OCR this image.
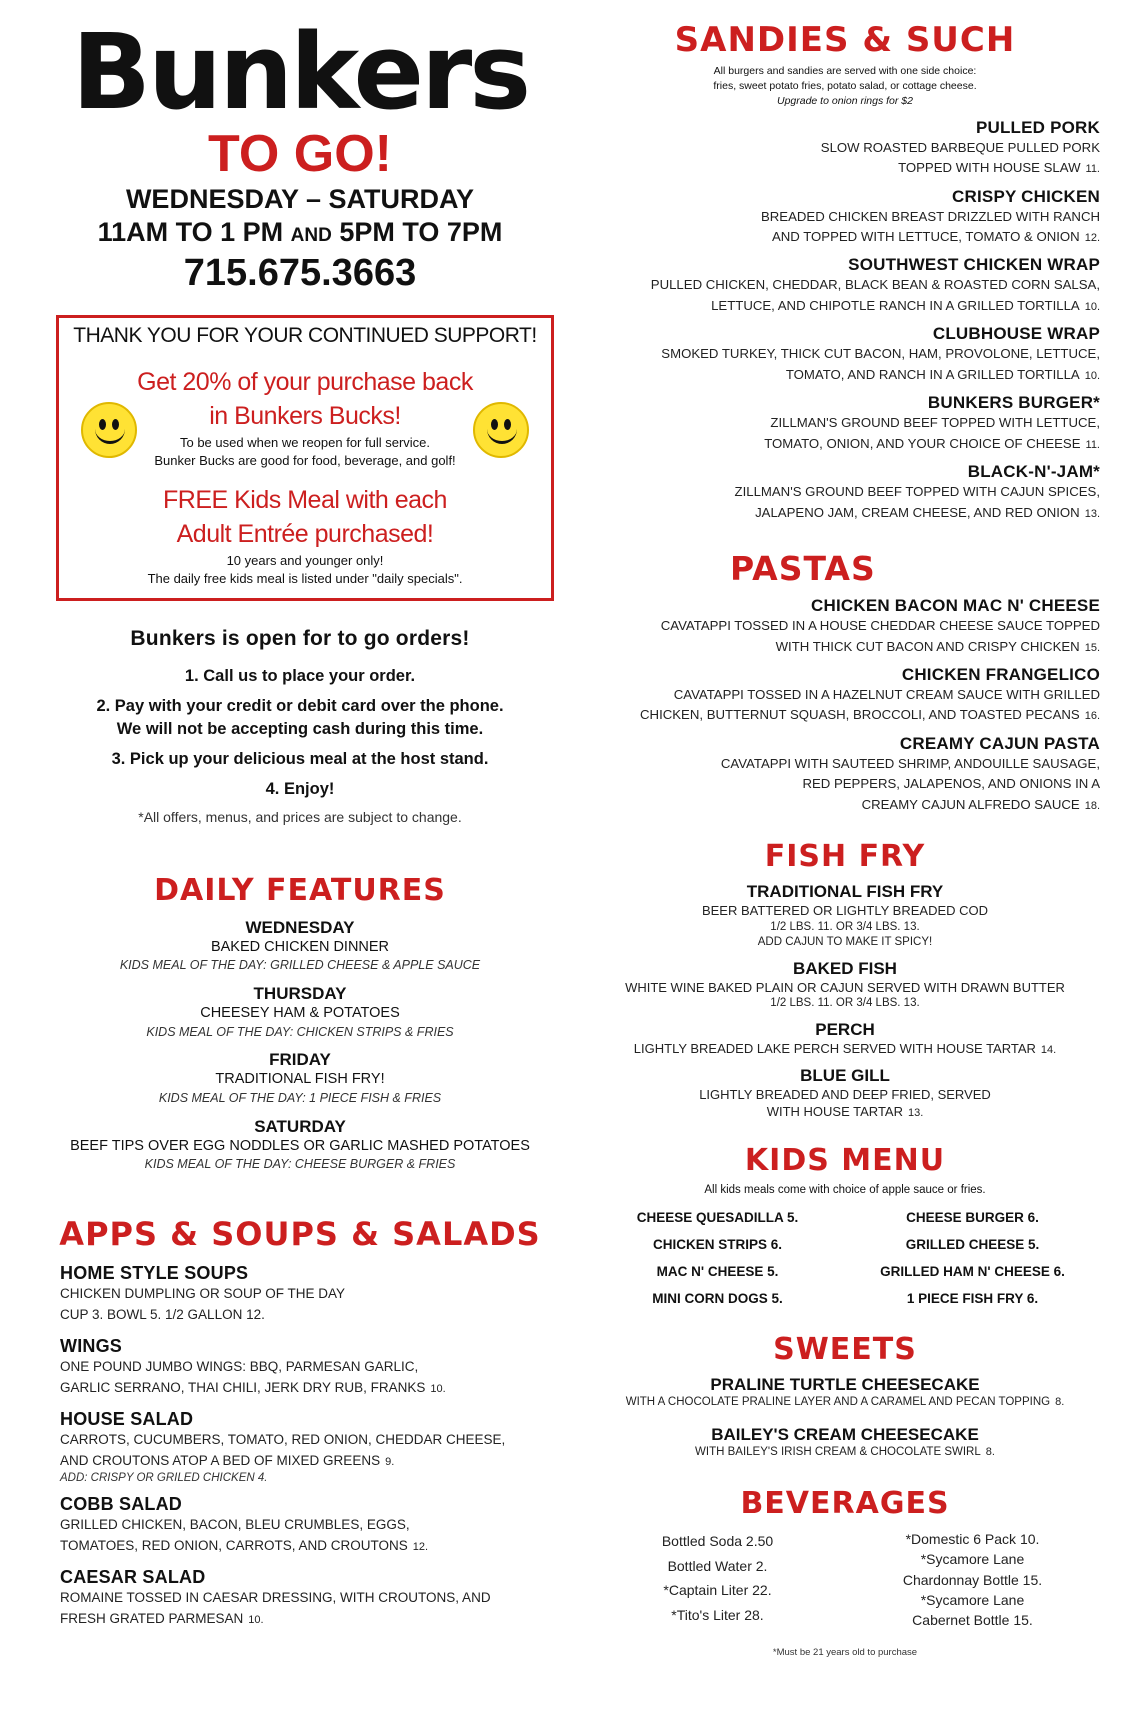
Bunkers
TO GO!
WEDNESDAY – SATURDAY
11AM TO 1 PM AND 5PM TO 7PM
715.675.3663
THANK YOU FOR YOUR CONTINUED SUPPORT!
Get 20% of your purchase back
in Bunkers Bucks!
To be used when we reopen for full service.
Bunker Bucks are good for food, beverage, and golf!
FREE Kids Meal with each
Adult Entrée purchased!
10 years and younger only!
The daily free kids meal is listed under "daily specials".
Bunkers is open for to go orders!
1. Call us to place your order.
2. Pay with your credit or debit card over the phone.
We will not be accepting cash during this time.
3. Pick up your delicious meal at the host stand.
4. Enjoy!
*All offers, menus, and prices are subject to change.
DAILY FEATURES
WEDNESDAY
BAKED CHICKEN DINNER
KIDS MEAL OF THE DAY: GRILLED CHEESE & APPLE SAUCE
THURSDAY
CHEESEY HAM & POTATOES
KIDS MEAL OF THE DAY: CHICKEN STRIPS & FRIES
FRIDAY
TRADITIONAL FISH FRY!
KIDS MEAL OF THE DAY: 1 PIECE FISH & FRIES
SATURDAY
BEEF TIPS OVER EGG NODDLES OR GARLIC MASHED POTATOES
KIDS MEAL OF THE DAY: CHEESE BURGER & FRIES
APPS & SOUPS & SALADS
HOME STYLE SOUPS
CHICKEN DUMPLING OR SOUP OF THE DAY
CUP 3. BOWL 5. 1/2 GALLON 12.
WINGS
ONE POUND JUMBO WINGS: BBQ, PARMESAN GARLIC,
GARLIC SERRANO, THAI CHILI, JERK DRY RUB, FRANKS 10.
HOUSE SALAD
CARROTS, CUCUMBERS, TOMATO, RED ONION, CHEDDAR CHEESE,
AND CROUTONS ATOP A BED OF MIXED GREENS 9.
ADD: CRISPY OR GRILED CHICKEN 4.
COBB SALAD
GRILLED CHICKEN, BACON, BLEU CRUMBLES, EGGS,
TOMATOES, RED ONION, CARROTS, AND CROUTONS 12.
CAESAR SALAD
ROMAINE TOSSED IN CAESAR DRESSING, WITH CROUTONS, AND
FRESH GRATED PARMESAN 10.
SANDIES & SUCH
All burgers and sandies are served with one side choice:
fries, sweet potato fries, potato salad, or cottage cheese.
Upgrade to onion rings for $2
PULLED PORK
SLOW ROASTED BARBEQUE PULLED PORK
TOPPED WITH HOUSE SLAW 11.
CRISPY CHICKEN
BREADED CHICKEN BREAST DRIZZLED WITH RANCH
AND TOPPED WITH LETTUCE, TOMATO & ONION 12.
SOUTHWEST CHICKEN WRAP
PULLED CHICKEN, CHEDDAR, BLACK BEAN & ROASTED CORN SALSA,
LETTUCE, AND CHIPOTLE RANCH IN A GRILLED TORTILLA 10.
CLUBHOUSE WRAP
SMOKED TURKEY, THICK CUT BACON, HAM, PROVOLONE, LETTUCE,
TOMATO, AND RANCH IN A GRILLED TORTILLA 10.
BUNKERS BURGER*
ZILLMAN'S GROUND BEEF TOPPED WITH LETTUCE,
TOMATO, ONION, AND YOUR CHOICE OF CHEESE 11.
BLACK-N'-JAM*
ZILLMAN'S GROUND BEEF TOPPED WITH CAJUN SPICES,
JALAPENO JAM, CREAM CHEESE, AND RED ONION 13.
PASTAS
CHICKEN BACON MAC N' CHEESE
CAVATAPPI TOSSED IN A HOUSE CHEDDAR CHEESE SAUCE TOPPED
WITH THICK CUT BACON AND CRISPY CHICKEN 15.
CHICKEN FRANGELICO
CAVATAPPI TOSSED IN A HAZELNUT CREAM SAUCE WITH GRILLED
CHICKEN, BUTTERNUT SQUASH, BROCCOLI, AND TOASTED PECANS 16.
CREAMY CAJUN PASTA
CAVATAPPI WITH SAUTEED SHRIMP, ANDOUILLE SAUSAGE,
RED PEPPERS, JALAPENOS, AND ONIONS IN A
CREAMY CAJUN ALFREDO SAUCE 18.
FISH FRY
TRADITIONAL FISH FRY
BEER BATTERED OR LIGHTLY BREADED COD
1/2 LBS. 11. OR 3/4 LBS. 13.
ADD CAJUN TO MAKE IT SPICY!
BAKED FISH
WHITE WINE BAKED PLAIN OR CAJUN SERVED WITH DRAWN BUTTER
1/2 LBS. 11. OR 3/4 LBS. 13.
PERCH
LIGHTLY BREADED LAKE PERCH SERVED WITH HOUSE TARTAR 14.
BLUE GILL
LIGHTLY BREADED AND DEEP FRIED, SERVED
WITH HOUSE TARTAR 13.
KIDS MENU
All kids meals come with choice of apple sauce or fries.
CHEESE QUESADILLA 5.	CHEESE BURGER 6.
CHICKEN STRIPS 6.	GRILLED CHEESE 5.
MAC N' CHEESE 5.	GRILLED HAM N' CHEESE 6.
MINI CORN DOGS 5.	1 PIECE FISH FRY 6.
SWEETS
PRALINE TURTLE CHEESECAKE
WITH A CHOCOLATE PRALINE LAYER AND A CARAMEL AND PECAN TOPPING 8.
BAILEY'S CREAM CHEESECAKE
WITH BAILEY'S IRISH CREAM & CHOCOLATE SWIRL 8.
BEVERAGES
Bottled Soda 2.50
Bottled Water 2.
*Captain Liter 22.
*Tito's Liter 28.
*Domestic 6 Pack 10.
*Sycamore Lane
Chardonnay Bottle 15.
*Sycamore Lane
Cabernet Bottle 15.
*Must be 21 years old to purchase
